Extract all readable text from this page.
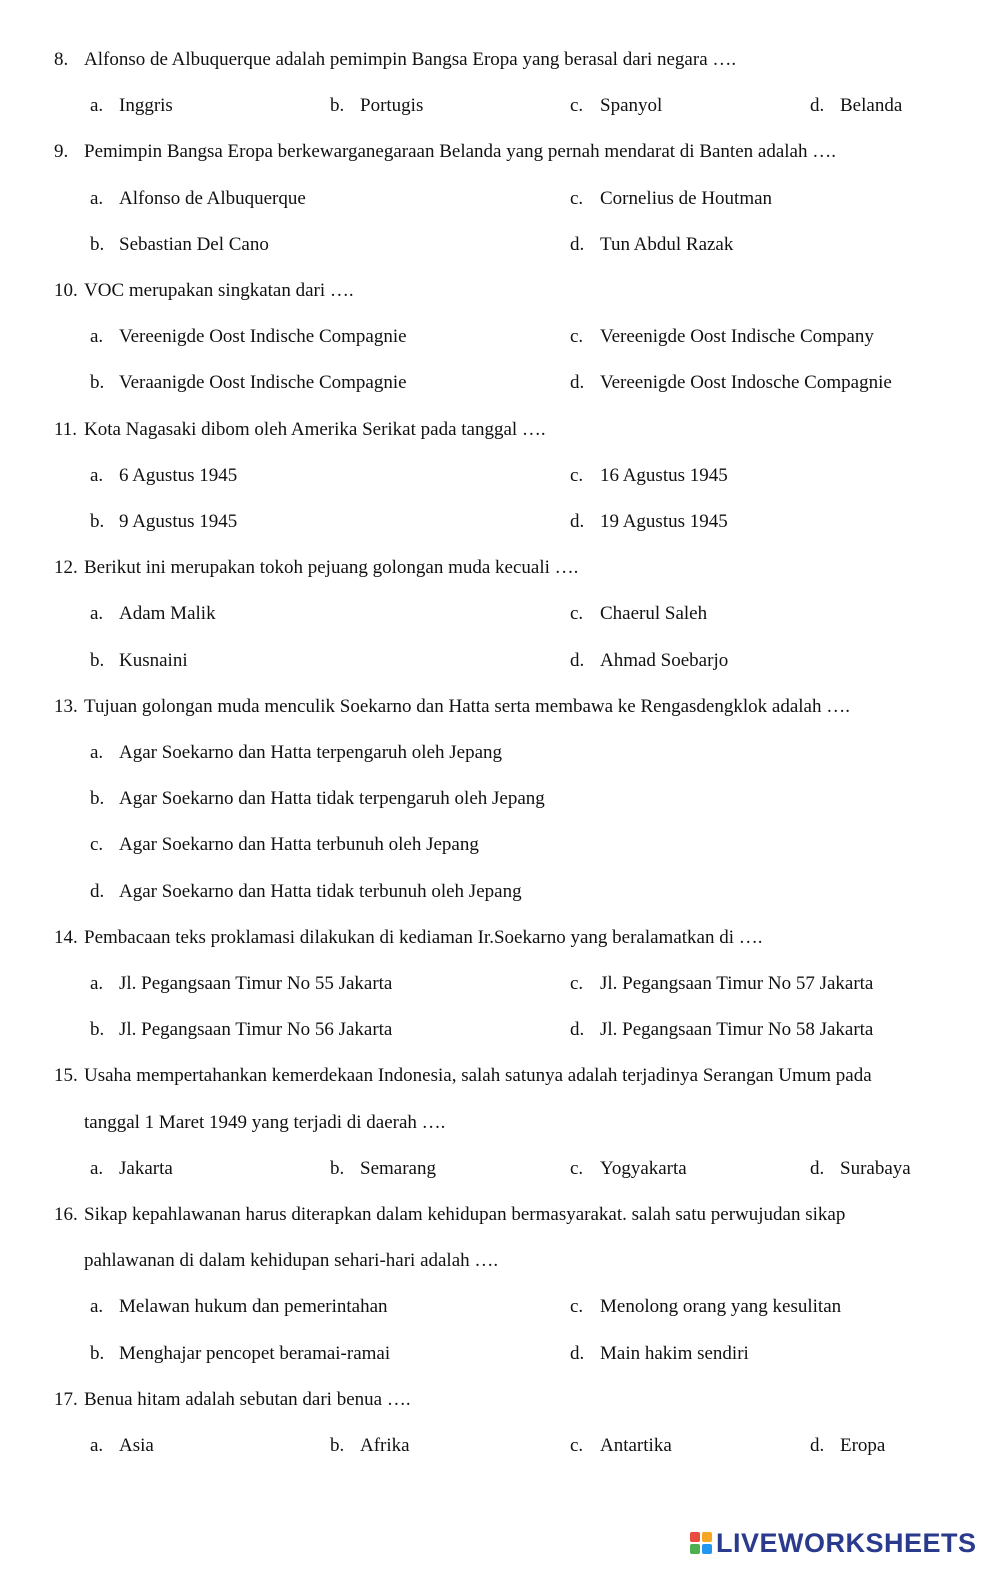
8. Alfonso de Albuquerque adalah pemimpin Bangsa Eropa yang berasal dari negara ….
a. Inggris	b. Portugis	c. Spanyol	d. Belanda
9. Pemimpin Bangsa Eropa berkewarganegaraan Belanda yang pernah mendarat di Banten adalah ….
a. Alfonso de Albuquerque	c. Cornelius de Houtman
b. Sebastian Del Cano	d. Tun Abdul Razak
10. VOC merupakan singkatan dari ….
a. Vereenigde Oost Indische Compagnie	c. Vereenigde Oost Indische Company
b. Veraanigde Oost Indische Compagnie	d. Vereenigde Oost Indosche Compagnie
11. Kota Nagasaki dibom oleh Amerika Serikat pada tanggal ….
a. 6 Agustus 1945	c. 16 Agustus 1945
b. 9 Agustus 1945	d. 19 Agustus 1945
12. Berikut ini merupakan tokoh pejuang golongan muda kecuali ….
a. Adam Malik	c. Chaerul Saleh
b. Kusnaini	d. Ahmad Soebarjo
13. Tujuan golongan muda menculik Soekarno dan Hatta serta membawa ke Rengasdengklok adalah ….
a. Agar Soekarno dan Hatta terpengaruh oleh Jepang
b. Agar Soekarno dan Hatta tidak terpengaruh oleh Jepang
c. Agar Soekarno dan Hatta terbunuh oleh Jepang
d. Agar Soekarno dan Hatta tidak terbunuh oleh Jepang
14. Pembacaan teks proklamasi dilakukan di kediaman Ir.Soekarno yang beralamatkan di ….
a. Jl. Pegangsaan Timur No 55 Jakarta	c. Jl. Pegangsaan Timur No 57 Jakarta
b. Jl. Pegangsaan Timur No 56 Jakarta	d. Jl. Pegangsaan Timur No 58 Jakarta
15. Usaha mempertahankan kemerdekaan Indonesia, salah satunya adalah terjadinya Serangan Umum pada
tanggal 1 Maret 1949 yang terjadi di daerah ….
a. Jakarta	b. Semarang	c. Yogyakarta	d. Surabaya
16. Sikap kepahlawanan harus diterapkan dalam kehidupan bermasyarakat. salah satu perwujudan sikap
pahlawanan di dalam kehidupan sehari-hari adalah ….
a. Melawan hukum dan pemerintahan	c. Menolong orang yang kesulitan
b. Menghajar pencopet beramai-ramai	d. Main hakim sendiri
17. Benua hitam adalah sebutan dari benua ….
a. Asia	b. Afrika	c. Antartika	d. Eropa
LIVEWORKSHEETS
